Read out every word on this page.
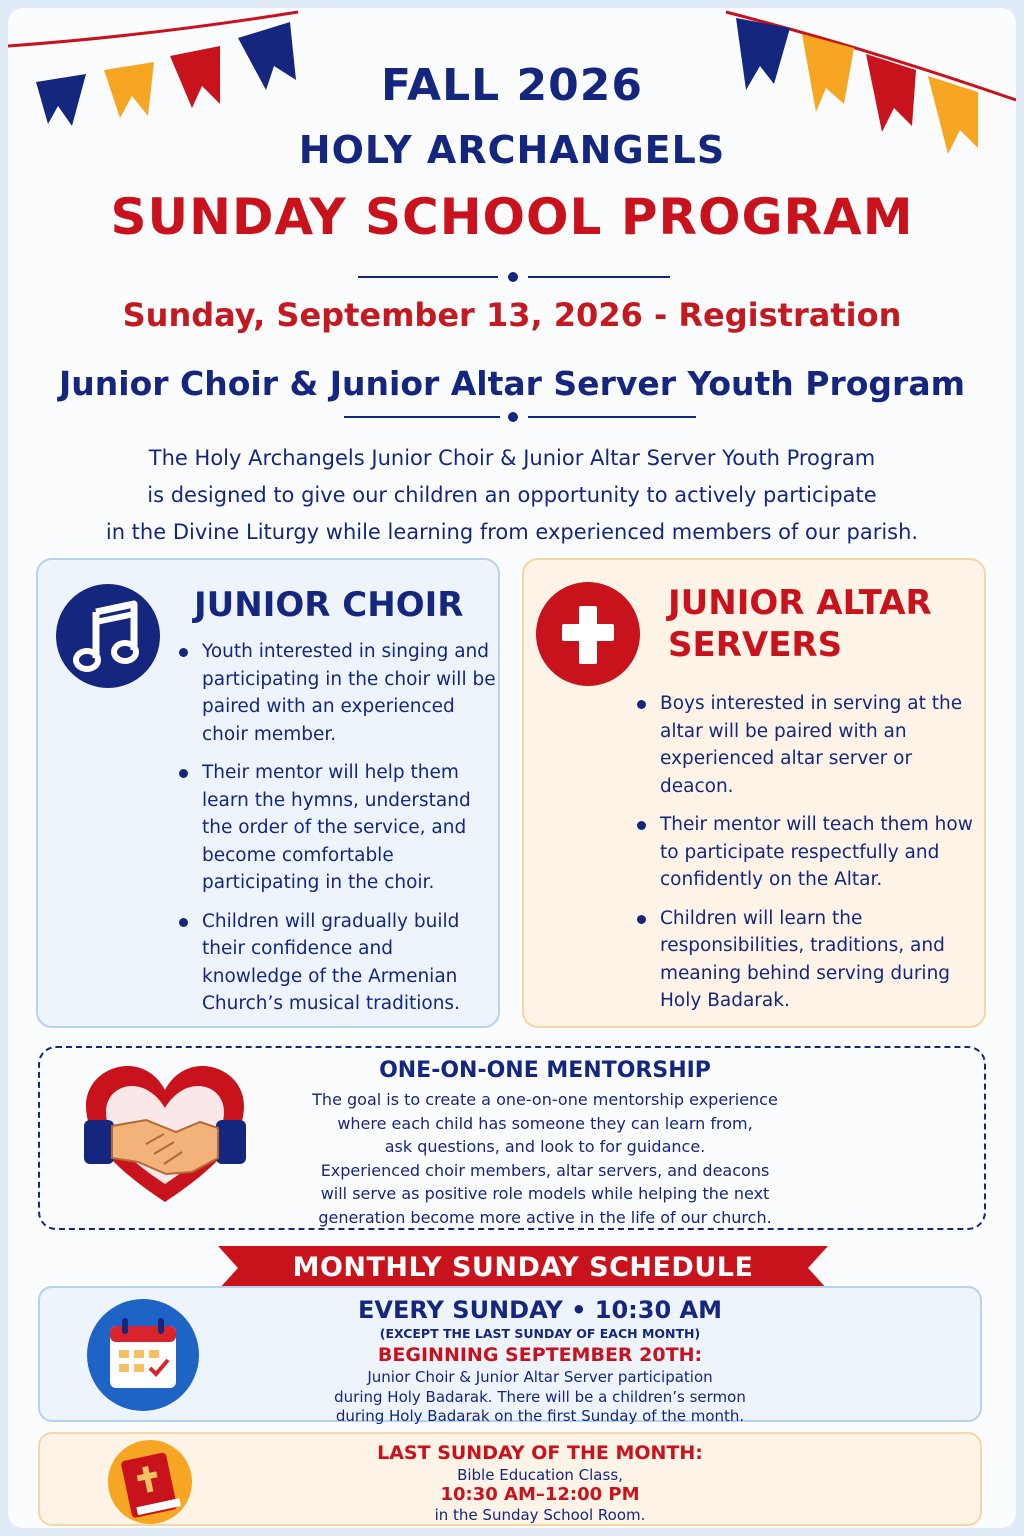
FALL 2026
HOLY ARCHANGELS
SUNDAY SCHOOL PROGRAM
Sunday, September 13, 2026 - Registration
Junior Choir & Junior Altar Server Youth Program
The Holy Archangels Junior Choir & Junior Altar Server Youth Program
is designed to give our children an opportunity to actively participate
in the Divine Liturgy while learning from experienced members of our parish.
JUNIOR CHOIR
Youth interested in singing and participating in the choir will be paired with an experienced choir member.
Their mentor will help them learn the hymns, understand the order of the service, and become comfortable participating in the choir.
Children will gradually build their confidence and knowledge of the Armenian Church’s musical traditions.
JUNIOR ALTAR
SERVERS
Boys interested in serving at the altar will be paired with an experienced altar server or deacon.
Their mentor will teach them how to participate respectfully and confidently on the Altar.
Children will learn the responsibilities, traditions, and meaning behind serving during Holy Badarak.
ONE-ON-ONE MENTORSHIP
The goal is to create a one-on-one mentorship experience
where each child has someone they can learn from,
ask questions, and look to for guidance.
Experienced choir members, altar servers, and deacons
will serve as positive role models while helping the next
generation become more active in the life of our church.
MONTHLY SUNDAY SCHEDULE
EVERY SUNDAY • 10:30 AM
(EXCEPT THE LAST SUNDAY OF EACH MONTH)
BEGINNING SEPTEMBER 20TH:
Junior Choir & Junior Altar Server participation
during Holy Badarak. There will be a children’s sermon
during Holy Badarak on the first Sunday of the month.
LAST SUNDAY OF THE MONTH:
Bible Education Class,
10:30 AM–12:00 PM
in the Sunday School Room.
